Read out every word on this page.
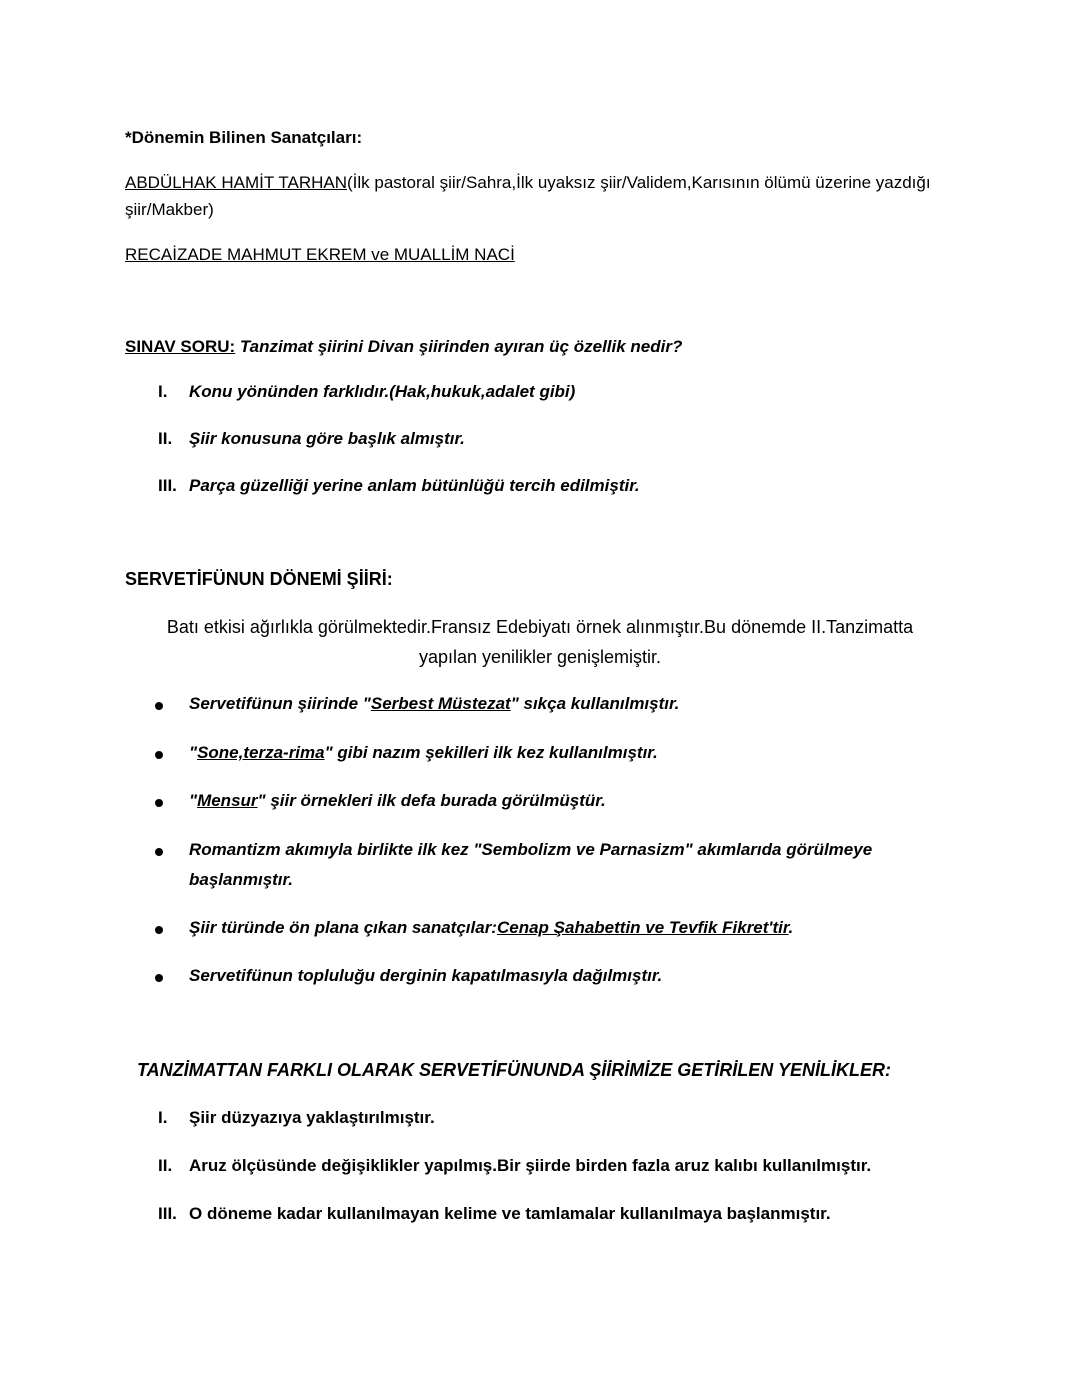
*Dönemin Bilinen Sanatçıları:
ABDÜLHAK HAMİT TARHAN(İlk pastoral şiir/Sahra,İlk uyaksız şiir/Validem,Karısının ölümü üzerine yazdığı
şiir/Makber)
RECAİZADE MAHMUT EKREM ve MUALLİM NACİ
SINAV SORU: Tanzimat şiirini Divan şiirinden ayıran üç özellik nedir?
I. Konu yönünden farklıdır.(Hak,hukuk,adalet gibi)
II. Şiir konusuna göre başlık almıştır.
III. Parça güzelliği yerine anlam bütünlüğü tercih edilmiştir.
SERVETİFÜNUN DÖNEMİ ŞİİRİ:
Batı etkisi ağırlıkla görülmektedir.Fransız Edebiyatı örnek alınmıştır.Bu dönemde II.Tanzimatta
yapılan yenilikler genişlemiştir.
Servetifünun şiirinde "Serbest Müstezat" sıkça kullanılmıştır.
"Sone,terza-rima" gibi nazım şekilleri ilk kez kullanılmıştır.
"Mensur" şiir örnekleri ilk defa burada görülmüştür.
Romantizm akımıyla birlikte ilk kez "Sembolizm ve Parnasizm" akımlarıda görülmeye
başlanmıştır.
Şiir türünde ön plana çıkan sanatçılar:Cenap Şahabettin ve Tevfik Fikret'tir.
Servetifünun topluluğu derginin kapatılmasıyla dağılmıştır.
TANZİMATTAN FARKLI OLARAK SERVETİFÜNUNDA ŞİİRİMİZE GETİRİLEN YENİLİKLER:
I. Şiir düzyazıya yaklaştırılmıştır.
II. Aruz ölçüsünde değişiklikler yapılmış.Bir şiirde birden fazla aruz kalıbı kullanılmıştır.
III. O döneme kadar kullanılmayan kelime ve tamlamalar kullanılmaya başlanmıştır.
